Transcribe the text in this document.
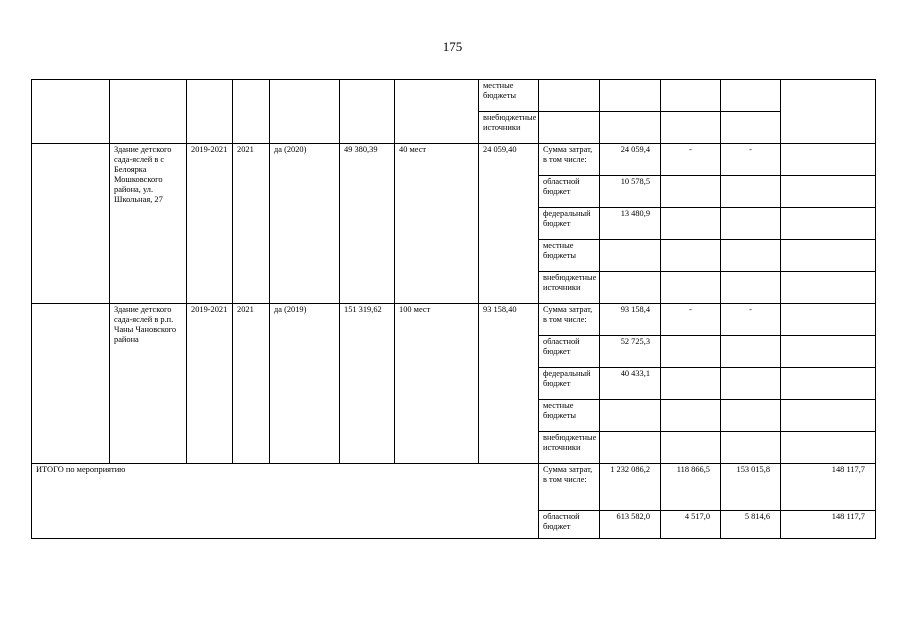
175
							местные бюджеты						
							внебюджетные источники						
	Здание детского сада-яслей в с Белоярка Мошковского района, ул. Школьная, 27	2019-2021	2021	да (2020)	49 380,39	40 мест	24 059,40	Сумма затрат, в том числе:	24 059,4	-	-		
								областной бюджет	10 578,5				
								федеральный бюджет	13 480,9				
								местные бюджеты					
								внебюджетные источники					
	Здание детского сада-яслей в р.п. Чаны Чановского района	2019-2021	2021	да (2019)	151 319,62	100 мест	93 158,40	Сумма затрат, в том числе:	93 158,4	-	-		
								областной бюджет	52 725,3				
								федеральный бюджет	40 433,1				
								местные бюджеты					
								внебюджетные источники					
ИТОГО по мероприятию								Сумма затрат, в том числе:	1 232 086,2	118 866,5	153 015,8	148 117,7	
								областной бюджет	613 582,0	4 517,0	5 814,6	148 117,7	
